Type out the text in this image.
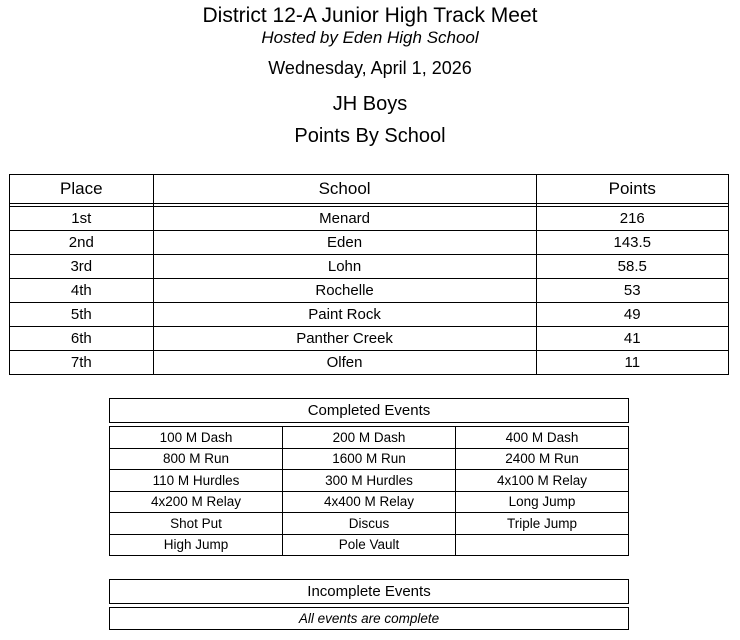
District 12-A Junior High Track Meet
Hosted by Eden High School
Wednesday, April 1, 2026
JH Boys
Points By School
Place	School	Points

1st	Menard	216
2nd	Eden	143.5
3rd	Lohn	58.5
4th	Rochelle	53
5th	Paint Rock	49
6th	Panther Creek	41
7th	Olfen	11
Completed Events
100 M Dash	200 M Dash	400 M Dash
800 M Run	1600 M Run	2400 M Run
110 M Hurdles	300 M Hurdles	4x100 M Relay
4x200 M Relay	4x400 M Relay	Long Jump
Shot Put	Discus	Triple Jump
High Jump	Pole Vault	
Incomplete Events
All events are complete
